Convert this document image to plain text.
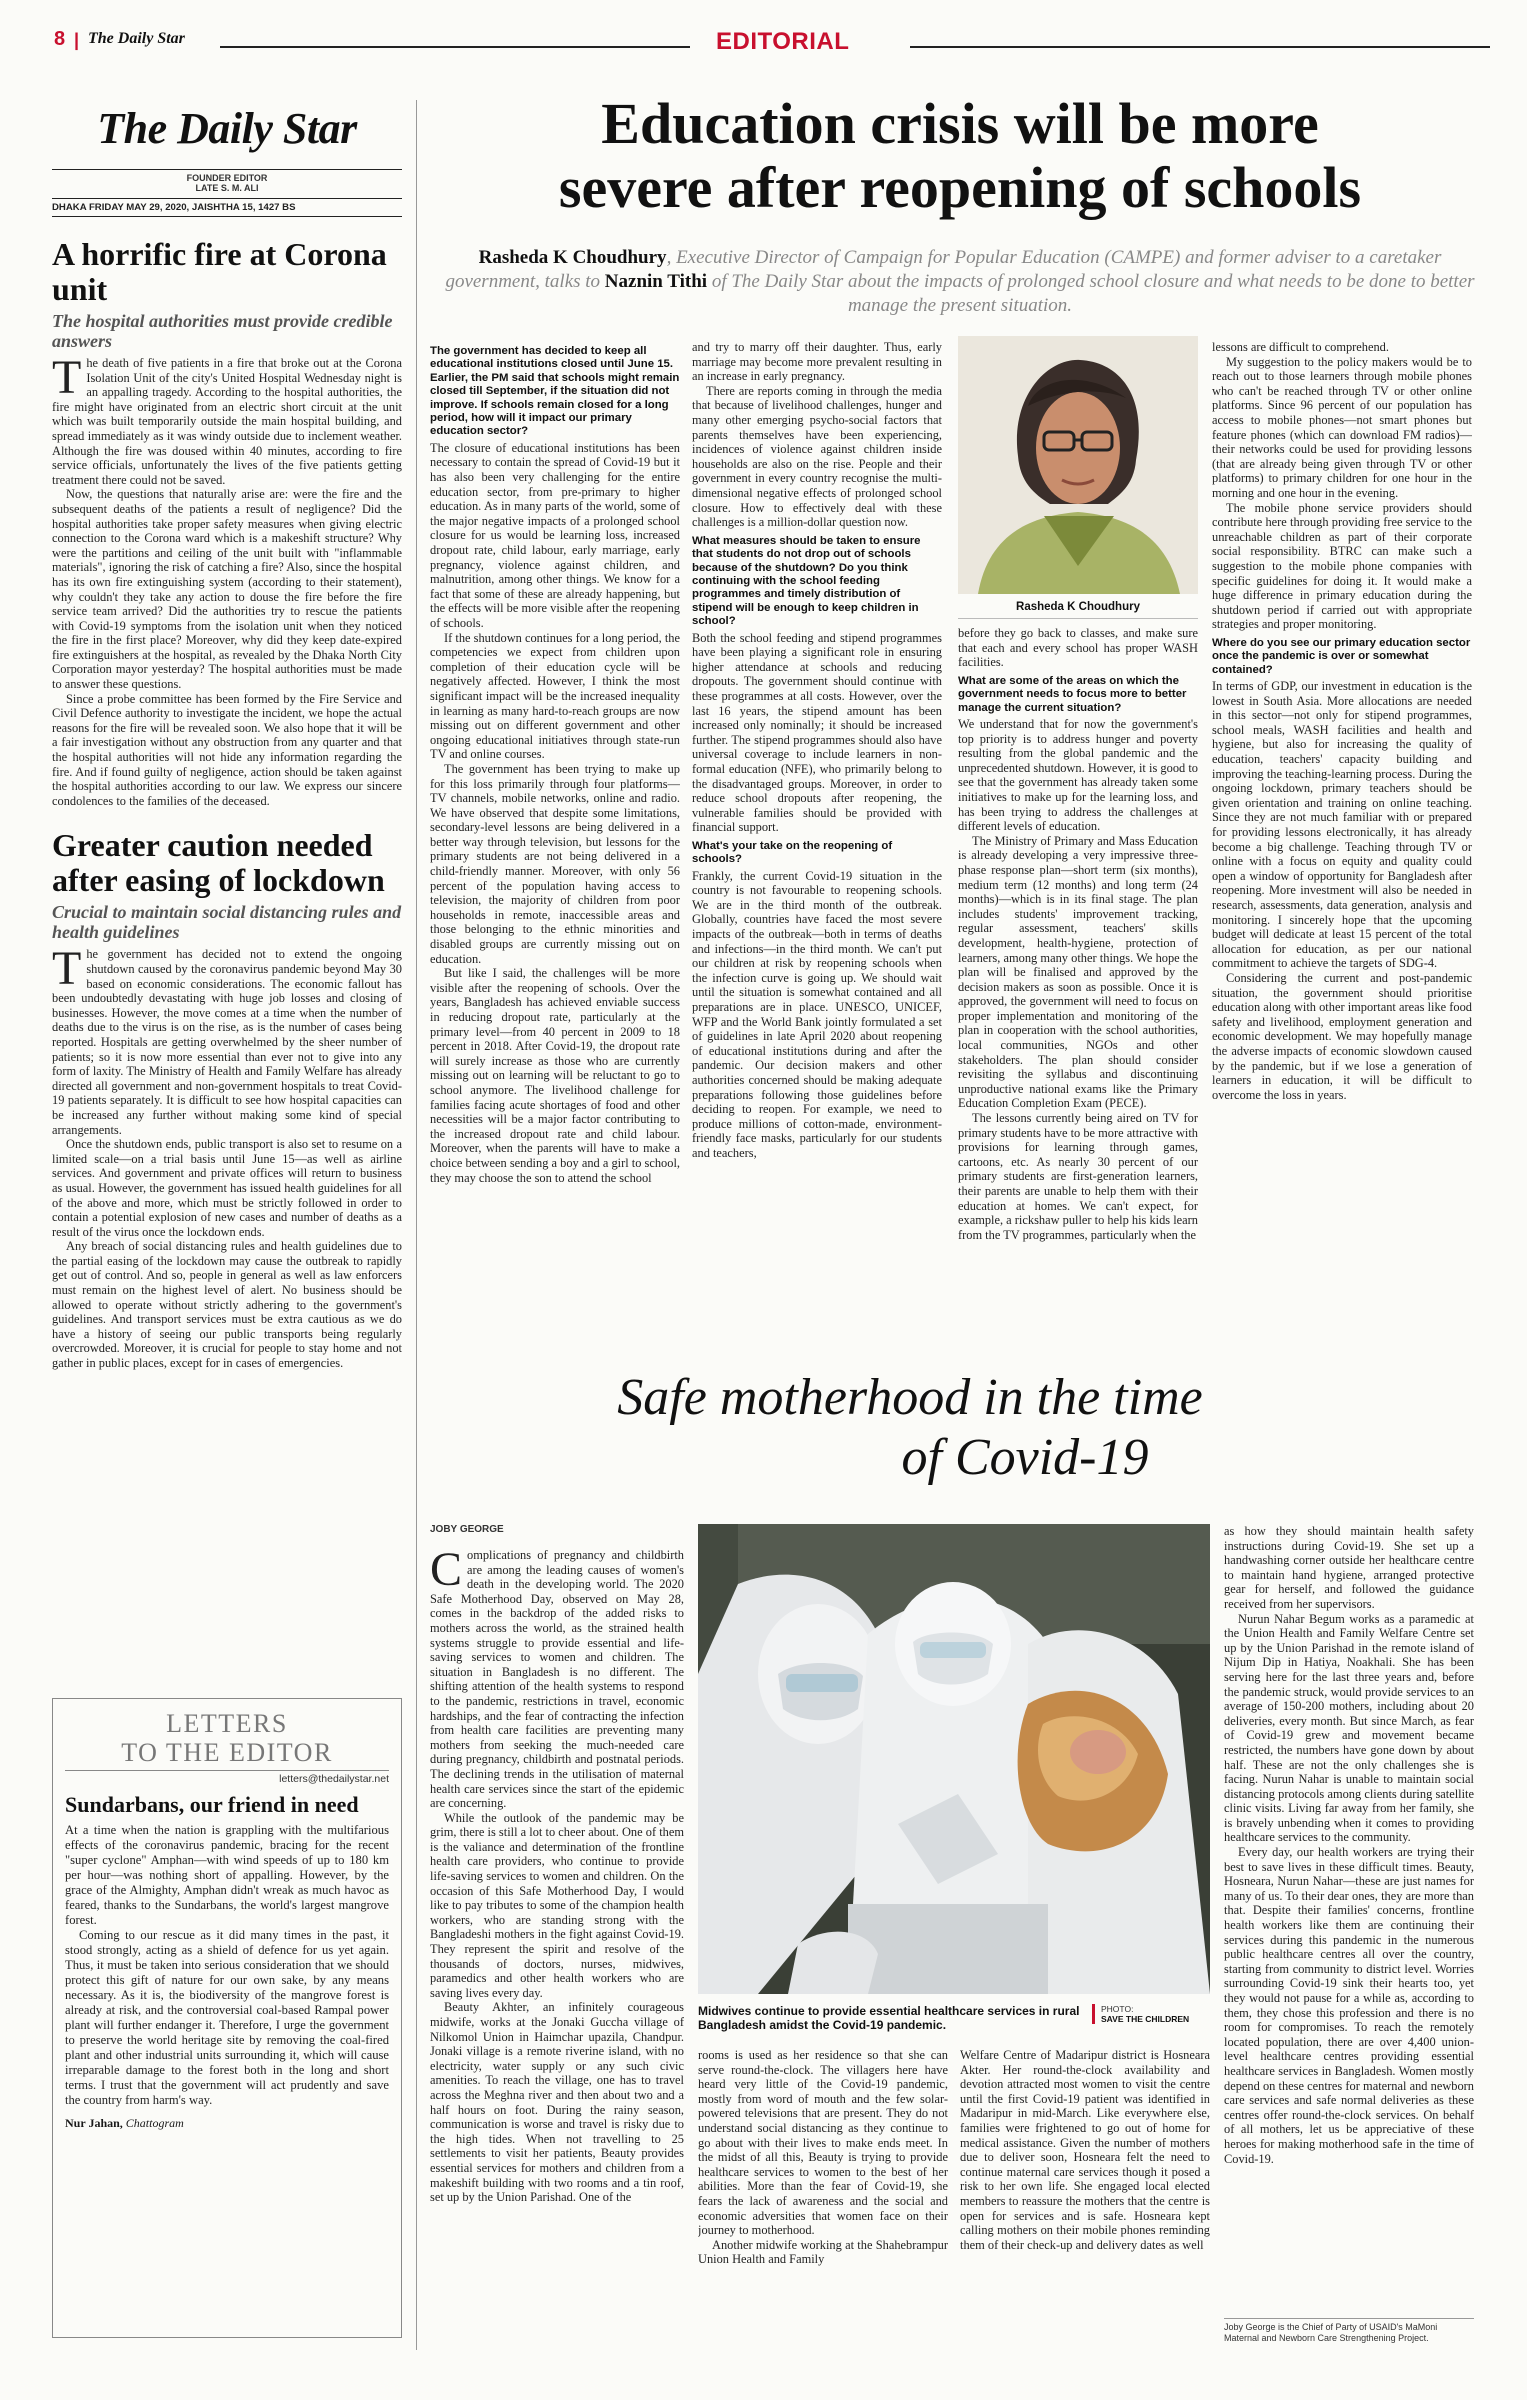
8 | The Daily Star	EDITORIAL
The Daily Star
FOUNDER EDITOR
LATE S. M. ALI
DHAKA FRIDAY MAY 29, 2020, JAISHTHA 15, 1427 BS
A horrific fire at Corona unit
The hospital authorities must provide credible answers

The death of five patients in a fire that broke out at the Corona Isolation Unit of the city's United Hospital Wednesday night is an appalling tragedy. According to the hospital authorities, the fire might have originated from an electric short circuit at the unit which was built temporarily outside the main hospital building, and spread immediately as it was windy outside due to inclement weather. Although the fire was doused within 40 minutes, according to fire service officials, unfortunately the lives of the five patients getting treatment there could not be saved.

Now, the questions that naturally arise are: were the fire and the subsequent deaths of the patients a result of negligence? Did the hospital authorities take proper safety measures when giving electric connection to the Corona ward which is a makeshift structure? Why were the partitions and ceiling of the unit built with "inflammable materials", ignoring the risk of catching a fire? Also, since the hospital has its own fire extinguishing system (according to their statement), why couldn't they take any action to douse the fire before the fire service team arrived? Did the authorities try to rescue the patients with Covid-19 symptoms from the isolation unit when they noticed the fire in the first place? Moreover, why did they keep date-expired fire extinguishers at the hospital, as revealed by the Dhaka North City Corporation mayor yesterday? The hospital authorities must be made to answer these questions.

Since a probe committee has been formed by the Fire Service and Civil Defence authority to investigate the incident, we hope the actual reasons for the fire will be revealed soon. We also hope that it will be a fair investigation without any obstruction from any quarter and that the hospital authorities will not hide any information regarding the fire. And if found guilty of negligence, action should be taken against the hospital authorities according to our law. We express our sincere condolences to the families of the deceased.

Greater caution needed after easing of lockdown
Crucial to maintain social distancing rules and health guidelines

The government has decided not to extend the ongoing shutdown caused by the coronavirus pandemic beyond May 30 based on economic considerations. The economic fallout has been undoubtedly devastating with huge job losses and closing of businesses. However, the move comes at a time when the number of deaths due to the virus is on the rise, as is the number of cases being reported. Hospitals are getting overwhelmed by the sheer number of patients; so it is now more essential than ever not to give into any form of laxity. The Ministry of Health and Family Welfare has already directed all government and non-government hospitals to treat Covid-19 patients separately. It is difficult to see how hospital capacities can be increased any further without making some kind of special arrangements.

Once the shutdown ends, public transport is also set to resume on a limited scale—on a trial basis until June 15—as well as airline services. And government and private offices will return to business as usual. However, the government has issued health guidelines for all of the above and more, which must be strictly followed in order to contain a potential explosion of new cases and number of deaths as a result of the virus once the lockdown ends.

Any breach of social distancing rules and health guidelines due to the partial easing of the lockdown may cause the outbreak to rapidly get out of control. And so, people in general as well as law enforcers must remain on the highest level of alert. No business should be allowed to operate without strictly adhering to the government's guidelines. And transport services must be extra cautious as we do have a history of seeing our public transports being regularly overcrowded. Moreover, it is crucial for people to stay home and not gather in public places, except for in cases of emergencies.

LETTERS
TO THE EDITOR
letters@thedailystar.net
Sundarbans, our friend in need

At a time when the nation is grappling with the multifarious effects of the coronavirus pandemic, bracing for the recent "super cyclone" Amphan—with wind speeds of up to 180 km per hour—was nothing short of appalling. However, by the grace of the Almighty, Amphan didn't wreak as much havoc as feared, thanks to the Sundarbans, the world's largest mangrove forest.

Coming to our rescue as it did many times in the past, it stood strongly, acting as a shield of defence for us yet again. Thus, it must be taken into serious consideration that we should protect this gift of nature for our own sake, by any means necessary. As it is, the biodiversity of the mangrove forest is already at risk, and the controversial coal-based Rampal power plant will further endanger it. Therefore, I urge the government to preserve the world heritage site by removing the coal-fired plant and other industrial units surrounding it, which will cause irreparable damage to the forest both in the long and short terms. I trust that the government will act prudently and save the country from harm's way.

Nur Jahan, Chattogram
Education crisis will be more
severe after reopening of schools
Rasheda K Choudhury, Executive Director of Campaign for Popular Education (CAMPE) and former adviser to a caretaker government, talks to Naznin Tithi of The Daily Star about the impacts of prolonged school closure and what needs to be done to better manage the present situation.
The government has decided to keep all educational institutions closed until June 15. Earlier, the PM said that schools might remain closed till September, if the situation did not improve. If schools remain closed for a long period, how will it impact our primary education sector?

The closure of educational institutions has been necessary to contain the spread of Covid-19 but it has also been very challenging for the entire education sector, from pre-primary to higher education. As in many parts of the world, some of the major negative impacts of a prolonged school closure for us would be learning loss, increased dropout rate, child labour, early marriage, early pregnancy, violence against children, and malnutrition, among other things. We know for a fact that some of these are already happening, but the effects will be more visible after the reopening of schools.

If the shutdown continues for a long period, the competencies we expect from children upon completion of their education cycle will be negatively affected. However, I think the most significant impact will be the increased inequality in learning as many hard-to-reach groups are now missing out on different government and other ongoing educational initiatives through state-run TV and online courses.

The government has been trying to make up for this loss primarily through four platforms—TV channels, mobile networks, online and radio. We have observed that despite some limitations, secondary-level lessons are being delivered in a better way through television, but lessons for the primary students are not being delivered in a child-friendly manner. Moreover, with only 56 percent of the population having access to television, the majority of children from poor households in remote, inaccessible areas and those belonging to the ethnic minorities and disabled groups are currently missing out on education.

But like I said, the challenges will be more visible after the reopening of schools. Over the years, Bangladesh has achieved enviable success in reducing dropout rate, particularly at the primary level—from 40 percent in 2009 to 18 percent in 2018. After Covid-19, the dropout rate will surely increase as those who are currently missing out on learning will be reluctant to go to school anymore. The livelihood challenge for families facing acute shortages of food and other necessities will be a major factor contributing to the increased dropout rate and child labour. Moreover, when the parents will have to make a choice between sending a boy and a girl to school, they may choose the son to attend the school

and try to marry off their daughter. Thus, early marriage may become more prevalent resulting in an increase in early pregnancy.

There are reports coming in through the media that because of livelihood challenges, hunger and many other emerging psycho-social factors that parents themselves have been experiencing, incidences of violence against children inside households are also on the rise. People and their government in every country recognise the multi-dimensional negative effects of prolonged school closure. How to effectively deal with these challenges is a million-dollar question now.

What measures should be taken to ensure that students do not drop out of schools because of the shutdown? Do you think continuing with the school feeding programmes and timely distribution of stipend will be enough to keep children in school?

Both the school feeding and stipend programmes have been playing a significant role in ensuring higher attendance at schools and reducing dropouts. The government should continue with these programmes at all costs. However, over the last 16 years, the stipend amount has been increased only nominally; it should be increased further. The stipend programmes should also have universal coverage to include learners in non-formal education (NFE), who primarily belong to the disadvantaged groups. Moreover, in order to reduce school dropouts after reopening, the vulnerable families should be provided with financial support.

What's your take on the reopening of schools?

Frankly, the current Covid-19 situation in the country is not favourable to reopening schools. We are in the third month of the outbreak. Globally, countries have faced the most severe impacts of the outbreak—both in terms of deaths and infections—in the third month. We can't put our children at risk by reopening schools when the infection curve is going up. We should wait until the situation is somewhat contained and all preparations are in place. UNESCO, UNICEF, WFP and the World Bank jointly formulated a set of guidelines in late April 2020 about reopening of educational institutions during and after the pandemic. Our decision makers and other authorities concerned should be making adequate preparations following those guidelines before deciding to reopen. For example, we need to produce millions of cotton-made, environment-friendly face masks, particularly for our students and teachers,

Rasheda K Choudhury

before they go back to classes, and make sure that each and every school has proper WASH facilities.

What are some of the areas on which the government needs to focus more to better manage the current situation?

We understand that for now the government's top priority is to address hunger and poverty resulting from the global pandemic and the unprecedented shutdown. However, it is good to see that the government has already taken some initiatives to make up for the learning loss, and has been trying to address the challenges at different levels of education.

The Ministry of Primary and Mass Education is already developing a very impressive three-phase response plan—short term (six months), medium term (12 months) and long term (24 months)—which is in its final stage. The plan includes students' improvement tracking, regular assessment, teachers' skills development, health-hygiene, protection of learners, among many other things. We hope the plan will be finalised and approved by the decision makers as soon as possible. Once it is approved, the government will need to focus on proper implementation and monitoring of the plan in cooperation with the school authorities, local communities, NGOs and other stakeholders. The plan should consider revisiting the syllabus and discontinuing unproductive national exams like the Primary Education Completion Exam (PECE).

The lessons currently being aired on TV for primary students have to be more attractive with provisions for learning through games, cartoons, etc. As nearly 30 percent of our primary students are first-generation learners, their parents are unable to help them with their education at homes. We can't expect, for example, a rickshaw puller to help his kids learn from the TV programmes, particularly when the

lessons are difficult to comprehend.

My suggestion to the policy makers would be to reach out to those learners through mobile phones who can't be reached through TV or other online platforms. Since 96 percent of our population has access to mobile phones—not smart phones but feature phones (which can download FM radios)—their networks could be used for providing lessons (that are already being given through TV or other platforms) to primary children for one hour in the morning and one hour in the evening.

The mobile phone service providers should contribute here through providing free service to the unreachable children as part of their corporate social responsibility. BTRC can make such a suggestion to the mobile phone companies with specific guidelines for doing it. It would make a huge difference in primary education during the shutdown period if carried out with appropriate strategies and proper monitoring.

Where do you see our primary education sector once the pandemic is over or somewhat contained?

In terms of GDP, our investment in education is the lowest in South Asia. More allocations are needed in this sector—not only for stipend programmes, school meals, WASH facilities and health and hygiene, but also for increasing the quality of education, teachers' capacity building and improving the teaching-learning process. During the ongoing lockdown, primary teachers should be given orientation and training on online teaching. Since they are not much familiar with or prepared for providing lessons electronically, it has already become a big challenge. Teaching through TV or online with a focus on equity and quality could open a window of opportunity for Bangladesh after reopening. More investment will also be needed in research, assessments, data generation, analysis and monitoring. I sincerely hope that the upcoming budget will dedicate at least 15 percent of the total allocation for education, as per our national commitment to achieve the targets of SDG-4.

Considering the current and post-pandemic situation, the government should prioritise education along with other important areas like food safety and livelihood, employment generation and economic development. We may hopefully manage the adverse impacts of economic slowdown caused by the pandemic, but if we lose a generation of learners in education, it will be difficult to overcome the loss in years.

Safe motherhood in the time
of Covid-19
JOBY GEORGE

Complications of pregnancy and childbirth are among the leading causes of women's death in the developing world. The 2020 Safe Motherhood Day, observed on May 28, comes in the backdrop of the added risks to mothers across the world, as the strained health systems struggle to provide essential and life-saving services to women and children. The situation in Bangladesh is no different. The shifting attention of the health systems to respond to the pandemic, restrictions in travel, economic hardships, and the fear of contracting the infection from health care facilities are preventing many mothers from seeking the much-needed care during pregnancy, childbirth and postnatal periods. The declining trends in the utilisation of maternal health care services since the start of the epidemic are concerning.

While the outlook of the pandemic may be grim, there is still a lot to cheer about. One of them is the valiance and determination of the frontline health care providers, who continue to provide life-saving services to women and children. On the occasion of this Safe Motherhood Day, I would like to pay tributes to some of the champion health workers, who are standing strong with the Bangladeshi mothers in the fight against Covid-19. They represent the spirit and resolve of the thousands of doctors, nurses, midwives, paramedics and other health workers who are saving lives every day.

Beauty Akhter, an infinitely courageous midwife, works at the Jonaki Guccha village of Nilkomol Union in Haimchar upazila, Chandpur. Jonaki village is a remote riverine island, with no electricity, water supply or any such civic amenities. To reach the village, one has to travel across the Meghna river and then about two and a half hours on foot. During the rainy season, communication is worse and travel is risky due to the high tides. When not travelling to 25 settlements to visit her patients, Beauty provides essential services for mothers and children from a makeshift building with two rooms and a tin roof, set up by the Union Parishad. One of the

Midwives continue to provide essential healthcare services in rural Bangladesh amidst the Covid-19 pandemic.
PHOTO:
SAVE THE CHILDREN

rooms is used as her residence so that she can serve round-the-clock. The villagers here have heard very little of the Covid-19 pandemic, mostly from word of mouth and the few solar-powered televisions that are present. They do not understand social distancing as they continue to go about with their lives to make ends meet. In the midst of all this, Beauty is trying to provide healthcare services to women to the best of her abilities. More than the fear of Covid-19, she fears the lack of awareness and the social and economic adversities that women face on their journey to motherhood.

Another midwife working at the Shahebrampur Union Health and Family

Welfare Centre of Madaripur district is Hosneara Akter. Her round-the-clock availability and devotion attracted most women to visit the centre until the first Covid-19 patient was identified in Madaripur in mid-March. Like everywhere else, families were frightened to go out of home for medical assistance. Given the number of mothers due to deliver soon, Hosneara felt the need to continue maternal care services though it posed a risk to her own life. She engaged local elected members to reassure the mothers that the centre is open for services and is safe. Hosneara kept calling mothers on their mobile phones reminding them of their check-up and delivery dates as well

as how they should maintain health safety instructions during Covid-19. She set up a handwashing corner outside her healthcare centre to maintain hand hygiene, arranged protective gear for herself, and followed the guidance received from her supervisors.

Nurun Nahar Begum works as a paramedic at the Union Health and Family Welfare Centre set up by the Union Parishad in the remote island of Nijum Dip in Hatiya, Noakhali. She has been serving here for the last three years and, before the pandemic struck, would provide services to an average of 150-200 mothers, including about 20 deliveries, every month. But since March, as fear of Covid-19 grew and movement became restricted, the numbers have gone down by about half. These are not the only challenges she is facing. Nurun Nahar is unable to maintain social distancing protocols among clients during satellite clinic visits. Living far away from her family, she is bravely unbending when it comes to providing healthcare services to the community.

Every day, our health workers are trying their best to save lives in these difficult times. Beauty, Hosneara, Nurun Nahar—these are just names for many of us. To their dear ones, they are more than that. Despite their families' concerns, frontline health workers like them are continuing their services during this pandemic in the numerous public healthcare centres all over the country, starting from community to district level. Worries surrounding Covid-19 sink their hearts too, yet they would not pause for a while as, according to them, they chose this profession and there is no room for compromises. To reach the remotely located population, there are over 4,400 union-level healthcare centres providing essential healthcare services in Bangladesh. Women mostly depend on these centres for maternal and newborn care services and safe normal deliveries as these centres offer round-the-clock services. On behalf of all mothers, let us be appreciative of these heroes for making motherhood safe in the time of Covid-19.

Joby George is the Chief of Party of USAID's MaMoni Maternal and Newborn Care Strengthening Project.
